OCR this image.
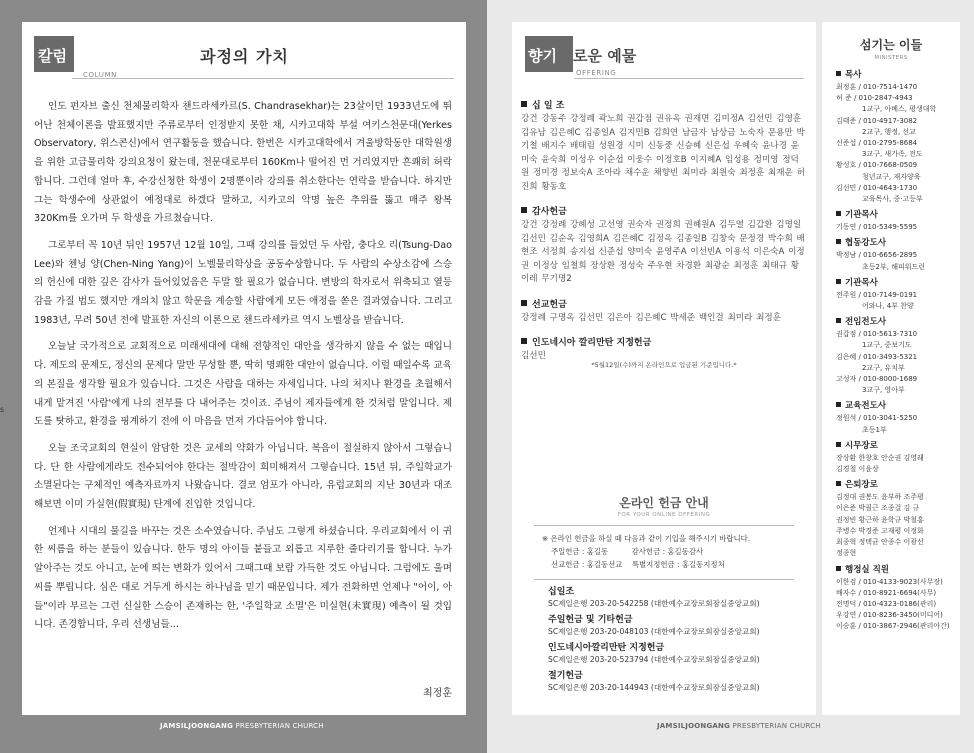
s
칼럼
COLUMN
과정의 가치

인도 펀자브 출신 천체물리학자 챈드라세카르(S. Chandrasekhar)는 23살이던 1933년도에 뛰어난 천체이론을 발표했지만 주류로부터 인정받지 못한 채, 시카고대학 부설 여키스천문대(Yerkes Observatory, 위스콘신)에서 연구활동을 했습니다. 한번은 시카고대학에서 겨울방학동안 대학원생을 위한 고급물리학 강의요청이 왔는데, 천문대로부터 160Km나 떨어진 먼 거리였지만 흔쾌히 허락합니다. 그런데 얼마 후, 수강신청한 학생이 2명뿐이라 강의를 취소한다는 연락을 받습니다. 하지만 그는 학생수에 상관없이 예정대로 하겠다 말하고, 시카고의 악명 높은 추위를 뚫고 매주 왕복 320Km를 오가며 두 학생을 가르쳤습니다.

그로부터 꼭 10년 뒤인 1957년 12월 10일, 그때 강의를 들었던 두 사람, 충다오 리(Tsung-Dao Lee)와 첸닝 양(Chen-Ning Yang)이 노벨물리학상을 공동수상합니다. 두 사람의 수상소감에 스승의 헌신에 대한 깊은 감사가 들어있었음은 두말 할 필요가 없습니다. 변방의 학자로서 위축되고 열등감을 가질 법도 했지만 개의치 않고 학문을 계승할 사람에게 모든 애정을 쏟은 결과였습니다. 그리고 1983년, 무려 50년 전에 발표한 자신의 이론으로 챈드라세카르 역시 노벨상을 받습니다.

오늘날 국가적으로 교회적으로 미래세대에 대해 전향적인 대안을 생각하지 않을 수 없는 때입니다. 제도의 문제도, 정신의 문제다 말만 무성할 뿐, 딱히 명쾌한 대안이 없습니다. 이럴 때일수록 교육의 본질을 생각할 필요가 있습니다. 그것은 사람을 대하는 자세입니다. 나의 처지나 환경을 초월해서 내게 맡겨진 '사람'에게 나의 전부를 다 내어주는 것이죠. 주님이 제자들에게 한 것처럼 말입니다. 제도를 탓하고, 환경을 핑계하기 전에 이 마음을 먼저 가다듬어야 합니다.

오늘 조국교회의 현실이 암담한 것은 교세의 약화가 아닙니다. 복음이 절실하지 않아서 그렇습니다. 단 한 사람에게라도 전수되어야 한다는 절박감이 희미해져서 그렇습니다. 15년 뒤, 주일학교가 소멸된다는 구체적인 예측자료까지 나왔습니다. 결코 엄포가 아니라, 유럽교회의 지난 30년과 대조해보면 이미 가실현(假實現) 단계에 진입한 것입니다.

언제나 시대의 물길을 바꾸는 것은 소수였습니다. 주님도 그렇게 하셨습니다. 우리교회에서 이 귀한 씨름을 하는 분들이 있습니다. 한두 명의 아이들 붙들고 외롭고 지루한 줄다리기를 합니다. 누가 알아주는 것도 아니고, 눈에 띄는 변화가 있어서 그때그때 보람 가득한 것도 아닙니다. 그럼에도 울며 씨를 뿌립니다. 심은 대로 거두게 하시는 하나님을 믿기 때문입니다. 제가 전화하면 언제나 "어이, 아들"이라 부르는 그런 신실한 스승이 존재하는 한, '주일학교 소멸'은 미실현(未實現) 예측이 될 것입니다. 존경합니다, 우리 선생님들...

최정훈
향기	로운 예물
OFFERING
십 일 조
강건 강동주 강정례 곽노희 권갑점 권유옥 권재면 김미정A 김선민 김영훈 김유남 김은혜C 김종일A 김지민B 김희연 남금자 남상금 노숙자 문용만 박기철 배지수 배태림 성원경 시미 신동중 신승혜 신은섭 우혜숙 윤나경 윤미숙 윤숙희 이성우 이순섭 이웅수 이정호B 이지혜A 임성용 정미영 정덕원 정미경 정보숙A 조아라 채수운 채향빈 최미라 최원숙 최정훈 최재운 허진희 황동호
감사헌금
강건 강정례 강혜성 고선영 권숙자 권정희 권혜원A 김두열 김갑환 김명일 김선민 김순옥 김영희A 김은혜C 김정옥 김종일B 김창숙 문정경 박수희 배현조 서정희 송지섭 신준섭 양미숙 윤영주A 이선빈A 이용석 이은숙A 이정권 이정상 임철희 장상환 정성숙 주우현 차경환 최광순 최정훈 최태규 황이레 무기명2
선교헌금
강정례 구명옥 김선민 김은아 김은혜C 박세준 백인걸 최미라 최정훈
인도네시아 깔리만탄 지정헌금
김선민
*5월12일(수)까지 온라인으로 입금된 기준입니다.*
온라인 헌금 안내
FOR YOUR ONLINE OFFERING
※ 온라인 헌금을 하실 때 다음과 같이 기입을 해주시기 바랍니다.
주일헌금 : 홍길동          감사헌금 : 홍길동감사
선교헌금 : 홍길동선교    특별지정헌금 : 홍길동지정처
십일조
SC제일은행 203-20-542258 (대한예수교장로회잠실중앙교회)
주일헌금 및 기타헌금
SC제일은행 203-20-048103 (대한예수교장로회잠실중앙교회)
인도네시아깔리만탄 지정헌금
SC제일은행 203-20-523794 (대한예수교장로회잠실중앙교회)
절기헌금
SC제일은행 203-20-144943 (대한예수교장로회잠실중앙교회)
섬기는 이들
MINISTERS
목사
최정훈 / 010-7514-1470
허 준 / 010-2847-4943
1교구, 아베스, 평생대학
김태준 / 010-4917-3082
2교구, 행정, 선교
신준섭 / 010-2795-8684
3교구, 새가족, 전도
황성호 / 010-7668-0509
청년교구, 재자양육
김선민 / 010-4643-1730
교육목사, 중·고등부
기관목사
기동연 / 010-5349-5595
협동강도사
박정남 / 010-6656-2895
초등2부, 해피워드런
기관목사
전주원 / 010-7149-0191
어와나, 4부 찬양
전임전도사
권갑점 / 010-5613-7310
1교구, 중보기도
김은혜 / 010-3493-5321
2교구, 유치부
고성자 / 010-8000-1689
3교구, 영아부
교육전도사
정원석 / 010-3041-5250
초등1부
시무장로
장상환 한창호 안순권 김영래
김경철 이윤상
은퇴장로
김정대 권봉도 윤부하 조주평
이은준 박필근 조종걸 김 규
권정빈 황근하 윤학규 박철홍
주병수 박경준 고재평 이정화
최종혁 정택균 안종수 이광선
정종현
행정실 직원
이한검 / 010-4133-9023(사무장)
배자수 / 010-8921-6694(사무)
전명덕 / 010-4323-0186(관리)
우강연 / 010-8236-3450(미디어)
이승훈 / 010-3867-2946(관리아간)
JAMSILJOONGANG PRESBYTERIAN CHURCH	JAMSILJOONGANG PRESBYTERIAN CHURCH
